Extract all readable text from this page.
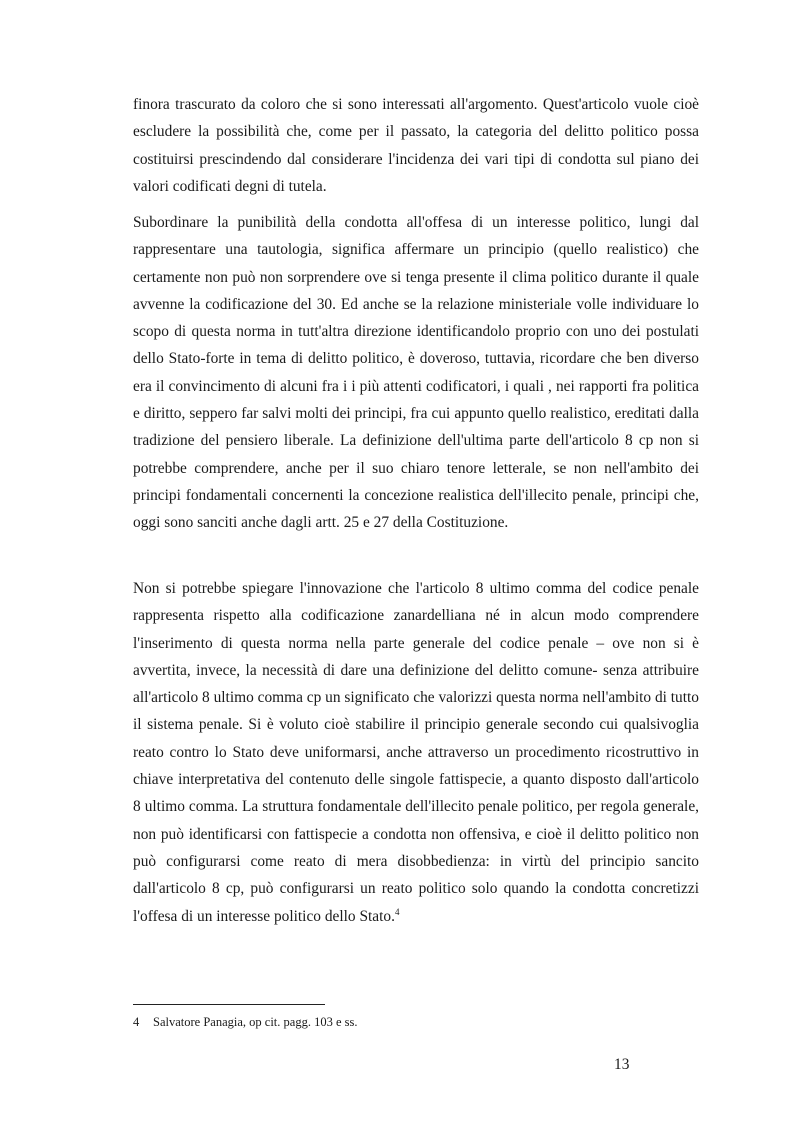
finora trascurato da coloro che si sono interessati all'argomento. Quest'articolo vuole cioè escludere la possibilità che, come per il passato, la categoria del delitto politico possa costituirsi prescindendo dal considerare l'incidenza dei vari tipi di condotta sul piano dei valori codificati degni di tutela.

Subordinare la punibilità della condotta all'offesa di un interesse politico, lungi dal rappresentare una tautologia, significa affermare un principio (quello realistico) che certamente non può non sorprendere ove si tenga presente il clima politico durante il quale avvenne la codificazione del 30. Ed anche se la relazione ministeriale volle individuare lo scopo di questa norma in tutt'altra direzione identificandolo proprio con uno dei postulati dello Stato-forte in tema di delitto politico, è doveroso, tuttavia, ricordare che ben diverso era il convincimento di alcuni fra i i più attenti codificatori, i quali , nei rapporti fra politica e diritto, seppero far salvi molti dei principi, fra cui appunto quello realistico, ereditati dalla tradizione del pensiero liberale. La definizione dell'ultima parte dell'articolo 8 cp non si potrebbe comprendere, anche per il suo chiaro tenore letterale, se non nell'ambito dei principi fondamentali concernenti la concezione realistica dell'illecito penale, principi che, oggi sono sanciti anche dagli artt. 25 e 27 della Costituzione.

Non si potrebbe spiegare l'innovazione che l'articolo 8 ultimo comma del codice penale rappresenta rispetto alla codificazione zanardelliana né in alcun modo comprendere l'inserimento di questa norma nella parte generale del codice penale – ove non si è avvertita, invece, la necessità di dare una definizione del delitto comune- senza attribuire all'articolo 8 ultimo comma cp un significato che valorizzi questa norma nell'ambito di tutto il sistema penale. Si è voluto cioè stabilire il principio generale secondo cui qualsivoglia reato contro lo Stato deve uniformarsi, anche attraverso un procedimento ricostruttivo in chiave interpretativa del contenuto delle singole fattispecie, a quanto disposto dall'articolo 8 ultimo comma. La struttura fondamentale dell'illecito penale politico, per regola generale, non può identificarsi con fattispecie a condotta non offensiva, e cioè il delitto politico non può configurarsi come reato di mera disobbedienza: in virtù del principio sancito dall'articolo 8 cp, può configurarsi un reato politico solo quando la condotta concretizzi l'offesa di un interesse politico dello Stato.$^4$

4 Salvatore Panagia, op cit. pagg. 103 e ss.

13
